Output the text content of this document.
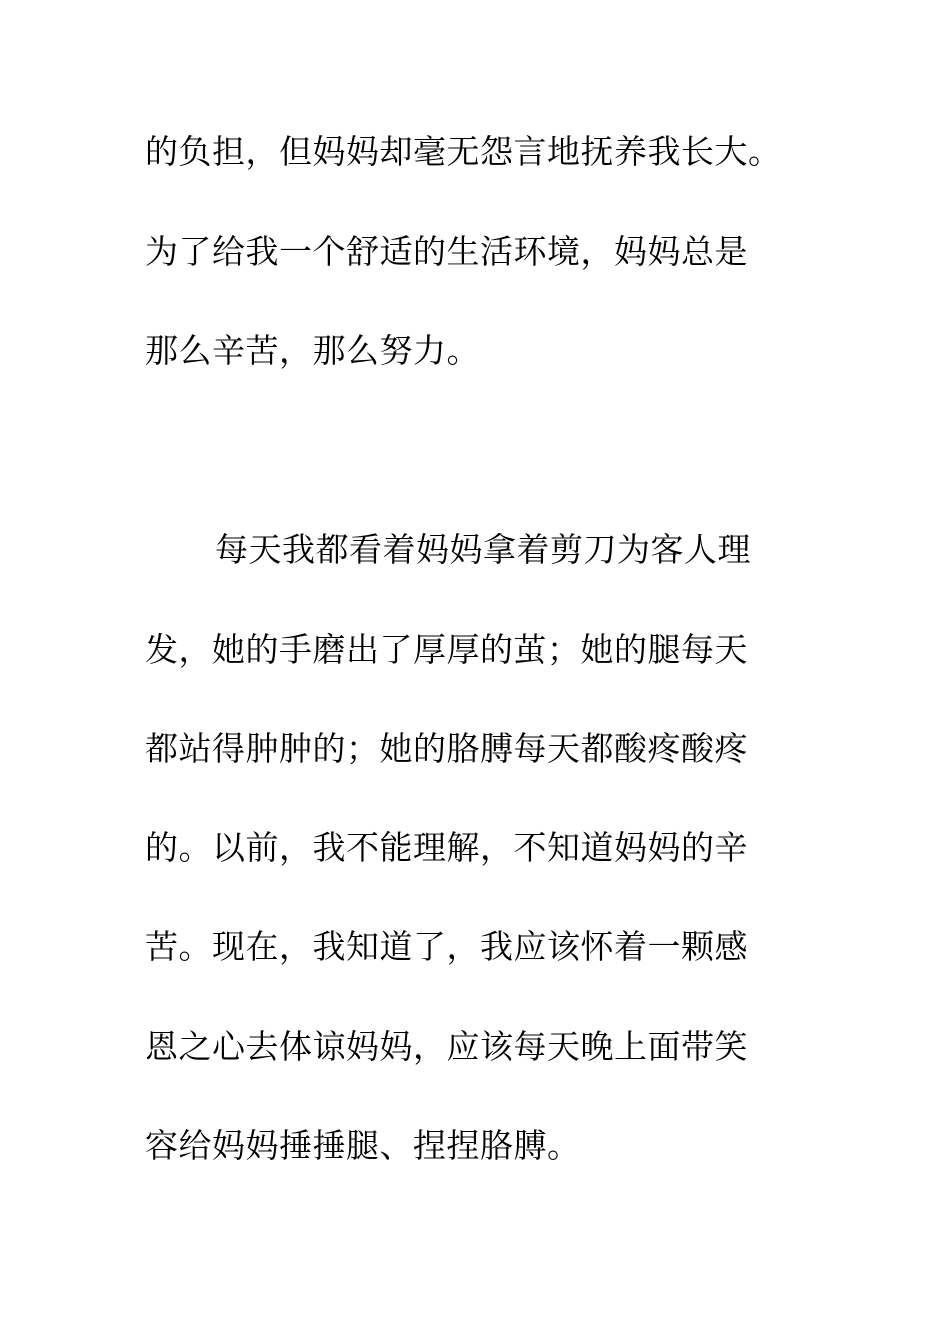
的负担，但妈妈却毫无怨言地抚养我长大。
为了给我一个舒适的生活环境，妈妈总是
那么辛苦，那么努力。
每天我都看着妈妈拿着剪刀为客人理
发，她的手磨出了厚厚的茧；她的腿每天
都站得肿肿的；她的胳膊每天都酸疼酸疼
的。以前，我不能理解，不知道妈妈的辛
苦。现在，我知道了，我应该怀着一颗感
恩之心去体谅妈妈，应该每天晚上面带笑
容给妈妈捶捶腿、捏捏胳膊。
